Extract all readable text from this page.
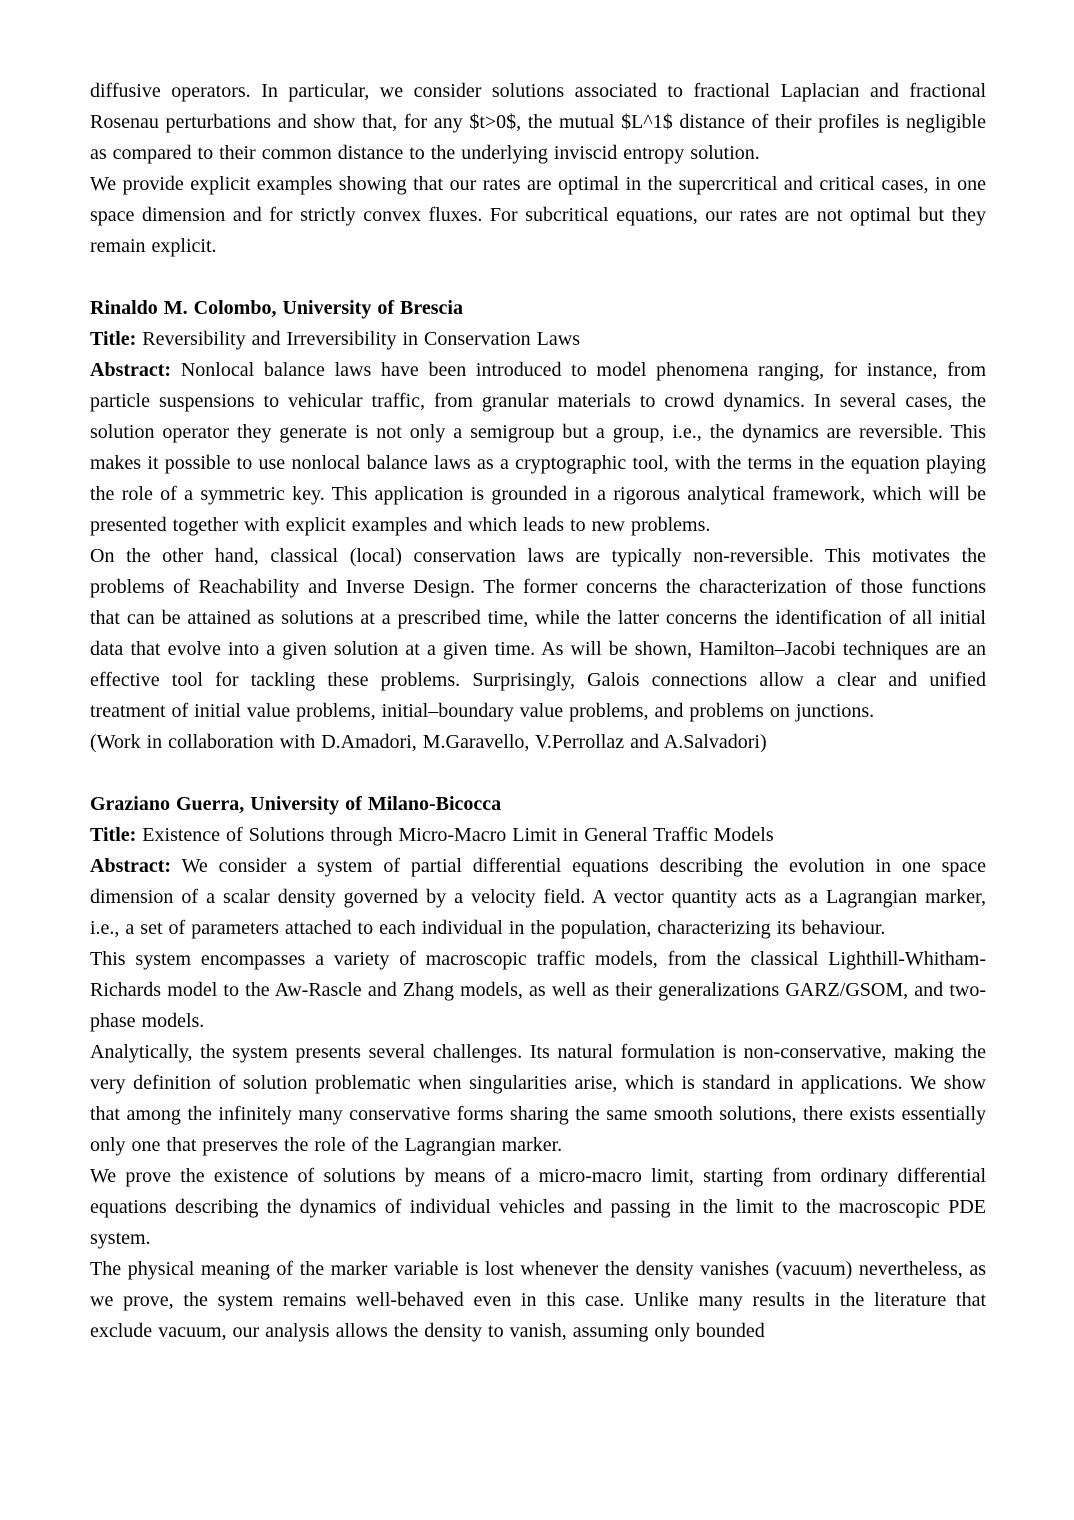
diffusive operators. In particular, we consider solutions associated to fractional Laplacian and fractional Rosenau perturbations and show that, for any $t>0$, the mutual $L^1$ distance of their profiles is negligible as compared to their common distance to the underlying inviscid entropy solution.

We provide explicit examples showing that our rates are optimal in the supercritical and critical cases, in one space dimension and for strictly convex fluxes. For subcritical equations, our rates are not optimal but they remain explicit.

Rinaldo M. Colombo, University of Brescia

Title: Reversibility and Irreversibility in Conservation Laws

Abstract: Nonlocal balance laws have been introduced to model phenomena ranging, for instance, from particle suspensions to vehicular traffic, from granular materials to crowd dynamics. In several cases, the solution operator they generate is not only a semigroup but a group, i.e., the dynamics are reversible. This makes it possible to use nonlocal balance laws as a cryptographic tool, with the terms in the equation playing the role of a symmetric key. This application is grounded in a rigorous analytical framework, which will be presented together with explicit examples and which leads to new problems.

On the other hand, classical (local) conservation laws are typically non-reversible. This motivates the problems of Reachability and Inverse Design. The former concerns the characterization of those functions that can be attained as solutions at a prescribed time, while the latter concerns the identification of all initial data that evolve into a given solution at a given time. As will be shown, Hamilton–Jacobi techniques are an effective tool for tackling these problems. Surprisingly, Galois connections allow a clear and unified treatment of initial value problems, initial–boundary value problems, and problems on junctions.

(Work in collaboration with D.Amadori, M.Garavello, V.Perrollaz and A.Salvadori)

Graziano Guerra, University of Milano-Bicocca

Title: Existence of Solutions through Micro-Macro Limit in General Traffic Models

Abstract: We consider a system of partial differential equations describing the evolution in one space dimension of a scalar density governed by a velocity field. A vector quantity acts as a Lagrangian marker, i.e., a set of parameters attached to each individual in the population, characterizing its behaviour.

This system encompasses a variety of macroscopic traffic models, from the classical Lighthill-Whitham-Richards model to the Aw-Rascle and Zhang models, as well as their generalizations GARZ/GSOM, and two-phase models.

Analytically, the system presents several challenges. Its natural formulation is non-conservative, making the very definition of solution problematic when singularities arise, which is standard in applications. We show that among the infinitely many conservative forms sharing the same smooth solutions, there exists essentially only one that preserves the role of the Lagrangian marker.

We prove the existence of solutions by means of a micro-macro limit, starting from ordinary differential equations describing the dynamics of individual vehicles and passing in the limit to the macroscopic PDE system.

The physical meaning of the marker variable is lost whenever the density vanishes (vacuum) nevertheless, as we prove, the system remains well-behaved even in this case. Unlike many results in the literature that exclude vacuum, our analysis allows the density to vanish, assuming only bounded
